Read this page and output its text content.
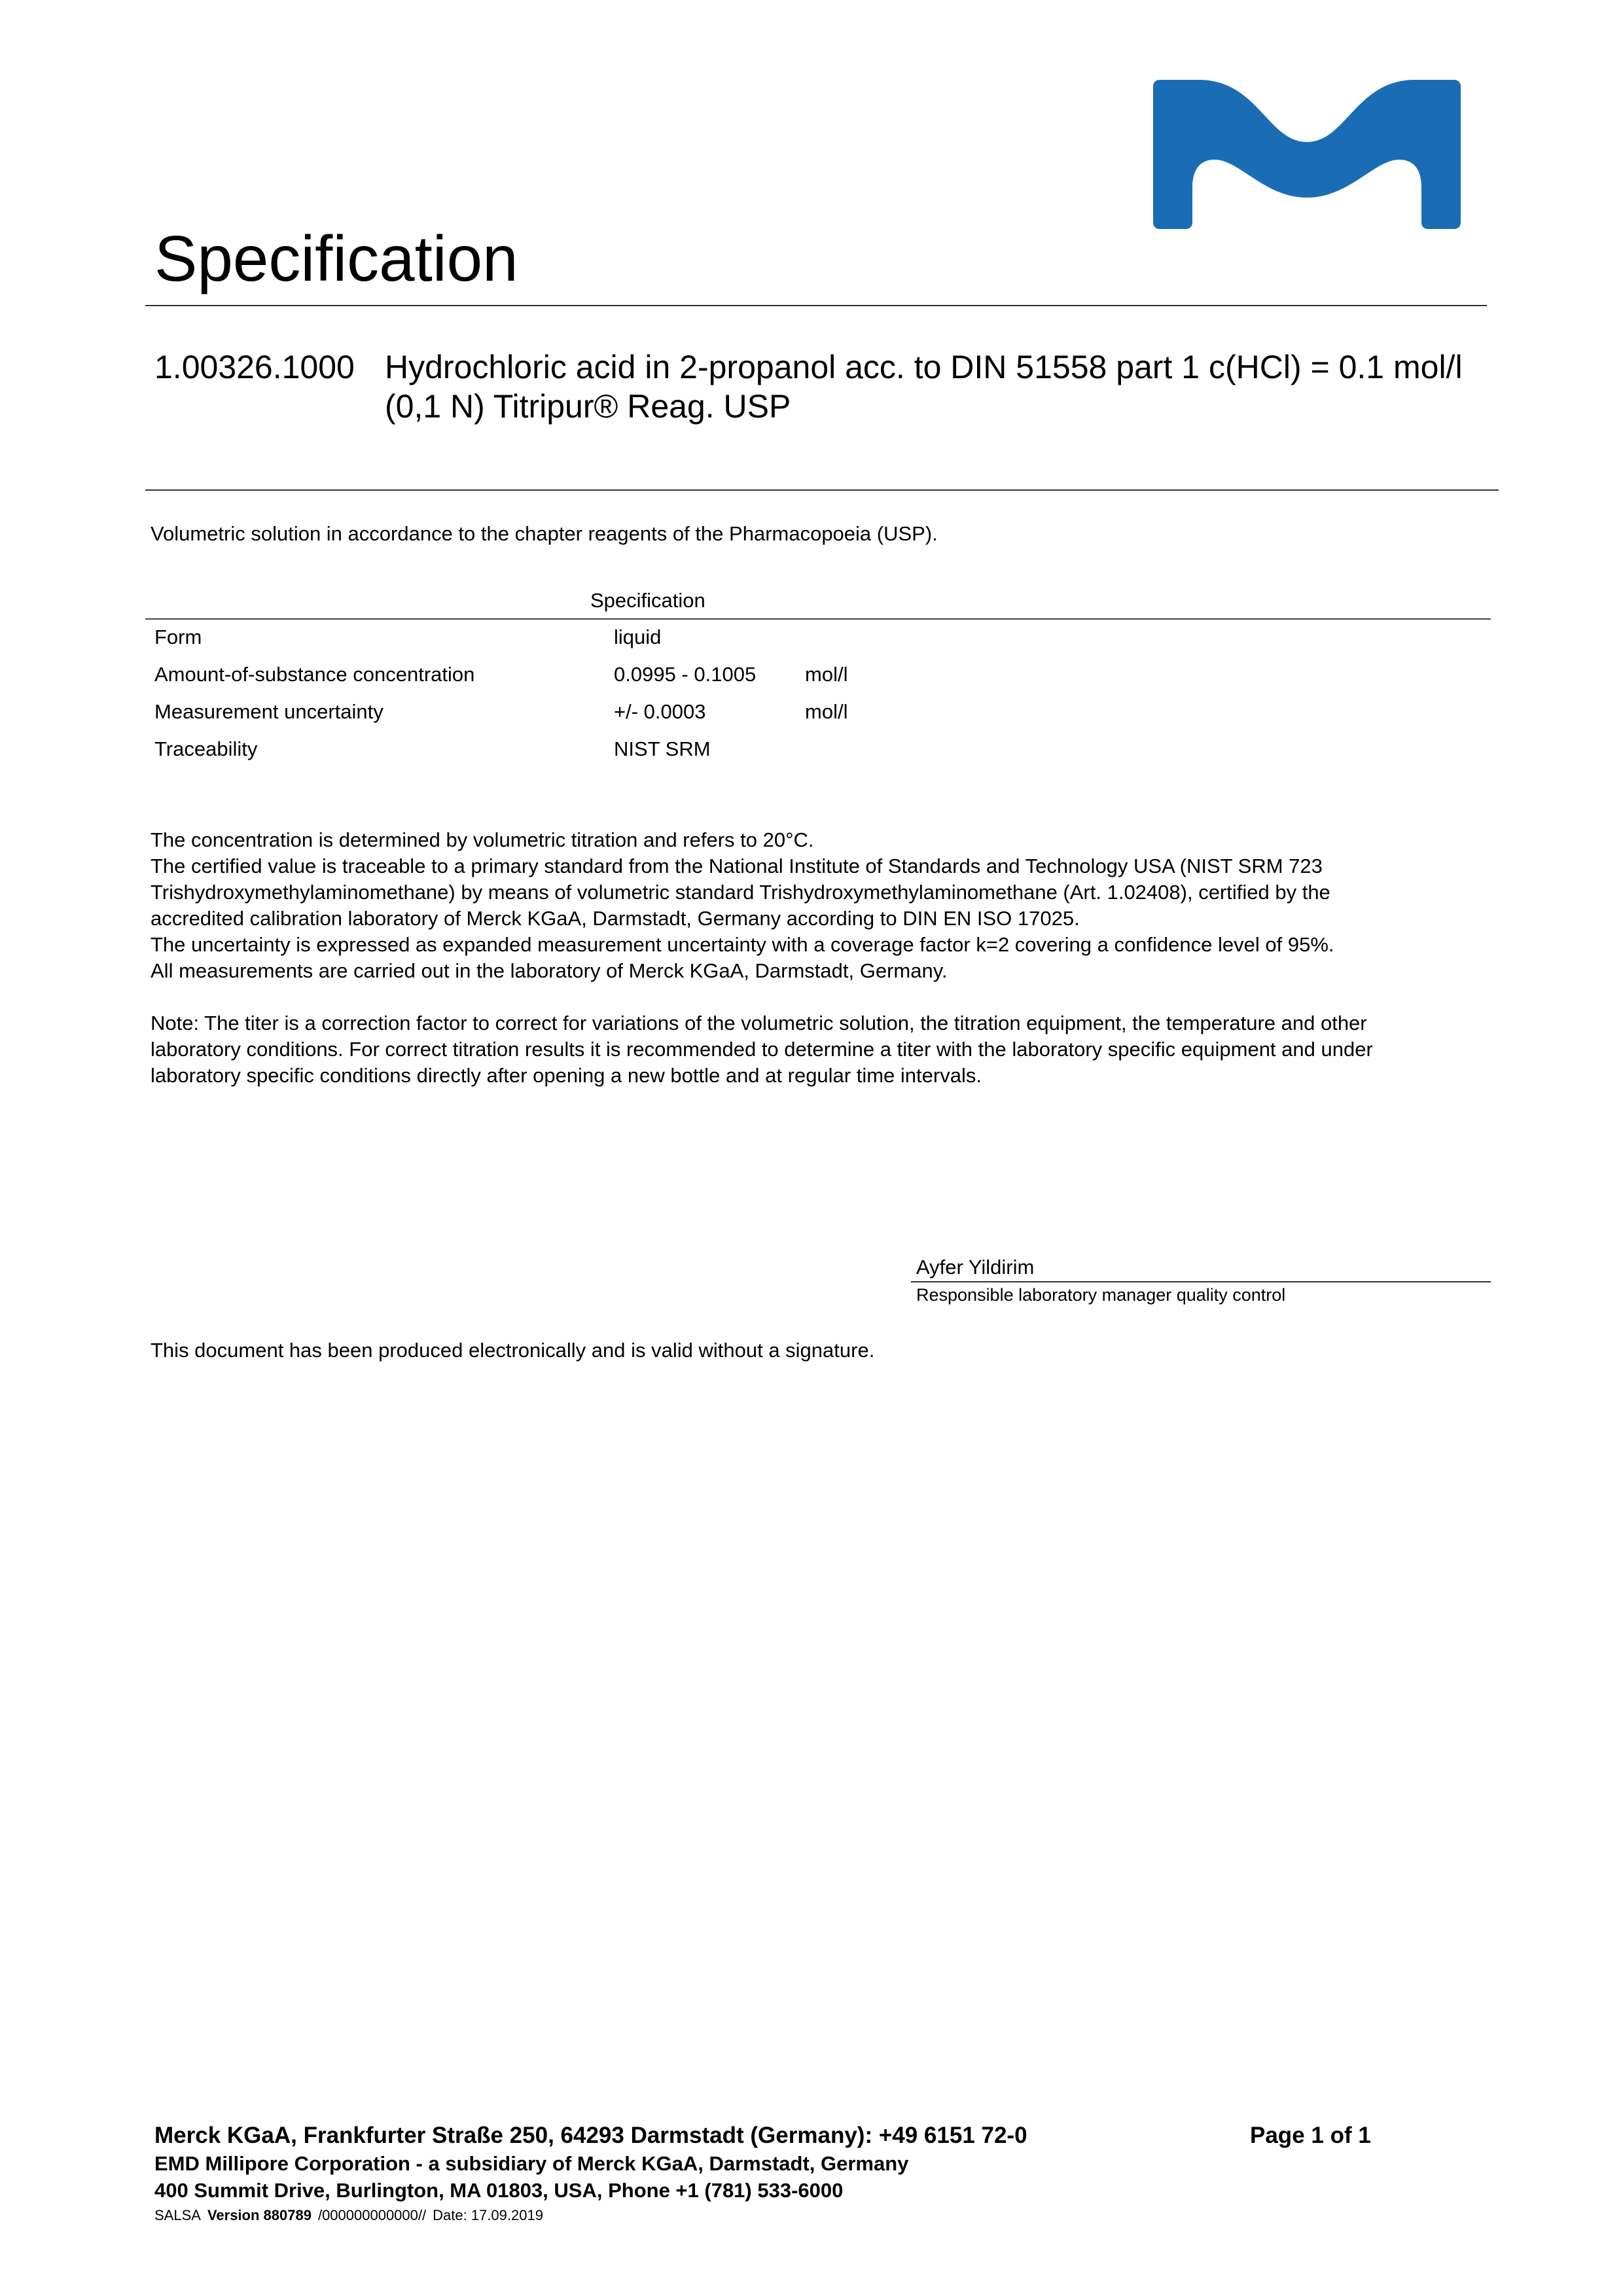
Specification
1.00326.1000 Hydrochloric acid in 2-propanol acc. to DIN 51558 part 1 c(HCl) = 0.1 mol/l
(0,1 N) Titripur® Reag. USP
Volumetric solution in accordance to the chapter reagents of the Pharmacopoeia (USP).
Specification
Form	liquid
Amount-of-substance concentration	0.0995 - 0.1005 mol/l
Measurement uncertainty	+/- 0.0003	mol/l
Traceability	NIST SRM

The concentration is determined by volumetric titration and refers to 20°C.

The certified value is traceable to a primary standard from the National Institute of Standards and Technology USA (NIST SRM 723

Trishydroxymethylaminomethane) by means of volumetric standard Trishydroxymethylaminomethane (Art. 1.02408), certified by the

accredited calibration laboratory of Merck KGaA, Darmstadt, Germany according to DIN EN ISO 17025.

The uncertainty is expressed as expanded measurement uncertainty with a coverage factor k=2 covering a confidence level of 95%.

All measurements are carried out in the laboratory of Merck KGaA, Darmstadt, Germany.

Note: The titer is a correction factor to correct for variations of the volumetric solution, the titration equipment, the temperature and other

laboratory conditions. For correct titration results it is recommended to determine a titer with the laboratory specific equipment and under

laboratory specific conditions directly after opening a new bottle and at regular time intervals.

Ayfer Yildirim
Responsible laboratory manager quality control
This document has been produced electronically and is valid without a signature.
Merck KGaA, Frankfurter Straße 250, 64293 Darmstadt (Germany): +49 6151 72-0	Page 1 of 1
EMD Millipore Corporation - a subsidiary of Merck KGaA, Darmstadt, Germany
400 Summit Drive, Burlington, MA 01803, USA, Phone +1 (781) 533-6000
SALSA Version 880789 /000000000000// Date: 17.09.2019
